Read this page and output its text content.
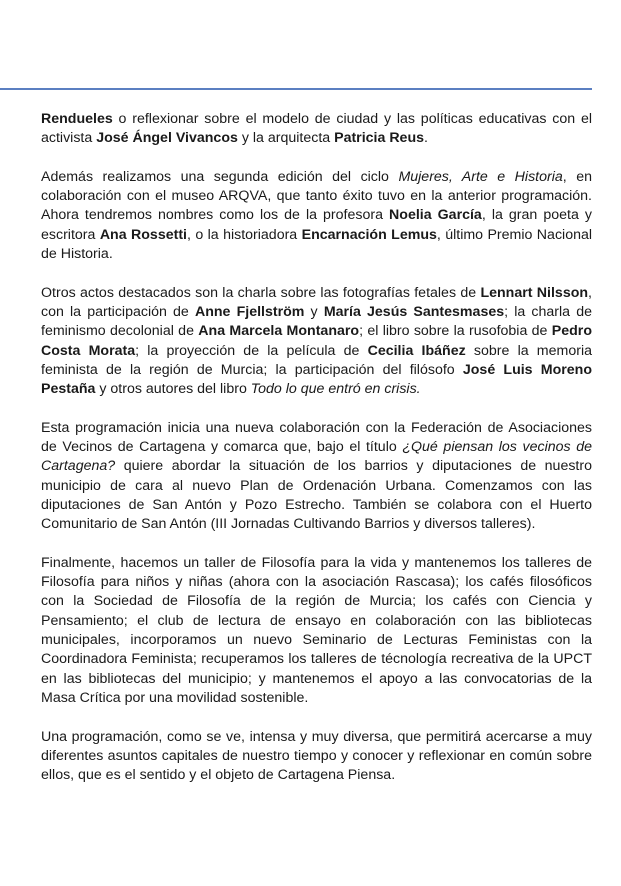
Rendueles o reflexionar sobre el modelo de ciudad y las políticas educativas con el activista José Ángel Vivancos y la arquitecta Patricia Reus.

Además realizamos una segunda edición del ciclo Mujeres, Arte e Historia, en colaboración con el museo ARQVA, que tanto éxito tuvo en la anterior programación. Ahora tendremos nombres como los de la profesora Noelia García, la gran poeta y escritora Ana Rossetti, o la historiadora Encarnación Lemus, último Premio Nacional de Historia.

Otros actos destacados son la charla sobre las fotografías fetales de Lennart Nilsson, con la participación de Anne Fjellström y María Jesús Santesmases; la charla de feminismo decolonial de Ana Marcela Montanaro; el libro sobre la rusofobia de Pedro Costa Morata; la proyección de la película de Cecilia Ibáñez sobre la memoria feminista de la región de Murcia; la participación del filósofo José Luis Moreno Pestaña y otros autores del libro Todo lo que entró en crisis.

Esta programación inicia una nueva colaboración con la Federación de Asociaciones de Vecinos de Cartagena y comarca que, bajo el título ¿Qué piensan los vecinos de Cartagena? quiere abordar la situación de los barrios y diputaciones de nuestro municipio de cara al nuevo Plan de Ordenación Urbana. Comenzamos con las diputaciones de San Antón y Pozo Estrecho. También se colabora con el Huerto Comunitario de San Antón (III Jornadas Cultivando Barrios y diversos talleres).

Finalmente, hacemos un taller de Filosofía para la vida y mantenemos los talleres de Filosofía para niños y niñas (ahora con la asociación Rascasa); los cafés filosóficos con la Sociedad de Filosofía de la región de Murcia; los cafés con Ciencia y Pensamiento; el club de lectura de ensayo en colaboración con las bibliotecas municipales, incorporamos un nuevo Seminario de Lecturas Feministas con la Coordinadora Feminista; recuperamos los talleres de técnología recreativa de la UPCT en las bibliotecas del municipio; y mantenemos el apoyo a las convocatorias de la Masa Crítica por una movilidad sostenible.

Una programación, como se ve, intensa y muy diversa, que permitirá acercarse a muy diferentes asuntos capitales de nuestro tiempo y conocer y reflexionar en común sobre ellos, que es el sentido y el objeto de Cartagena Piensa.
